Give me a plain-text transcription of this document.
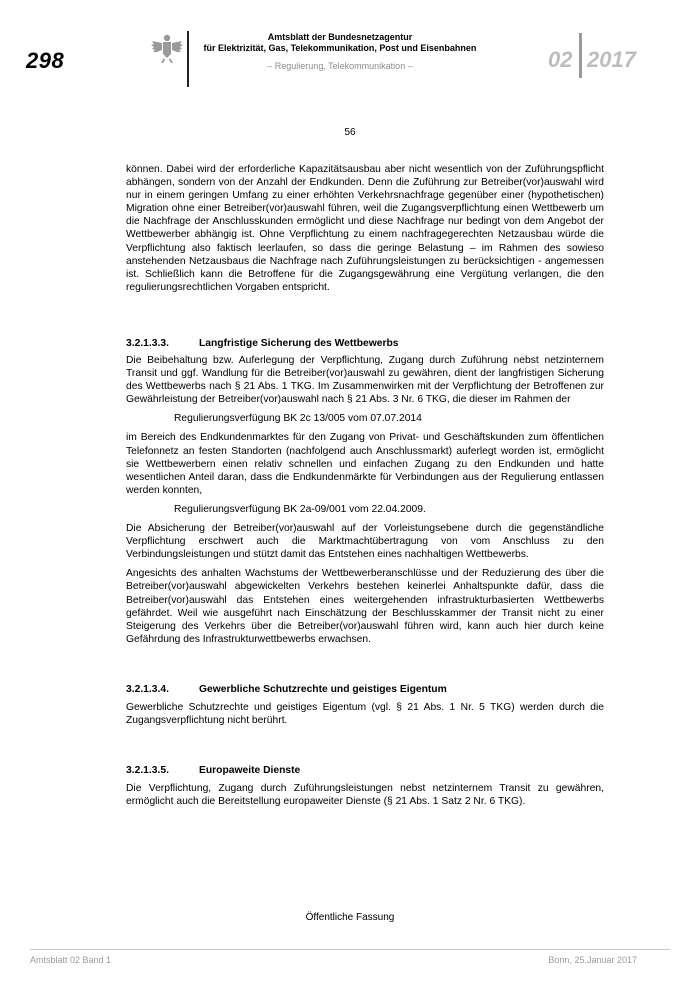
298
Amtsblatt der Bundesnetzagentur
für Elektrizität, Gas, Telekommunikation, Post und Eisenbahnen
– Regulierung, Telekommunikation –	02 2017
56

können. Dabei wird der erforderliche Kapazitätsausbau aber nicht wesentlich von der Zuführungspflicht abhängen, sondern von der Anzahl der Endkunden. Denn die Zuführung zur Betreiber(vor)auswahl wird nur in einem geringen Umfang zu einer erhöhten Verkehrsnachfrage gegenüber einer (hypothetischen) Migration ohne einer Betreiber(vor)auswahl führen, weil die Zugangsverpflichtung einen Wettbewerb um die Nachfrage der Anschlusskunden ermöglicht und diese Nachfrage nur bedingt von dem Angebot der Wettbewerber abhängig ist. Ohne Verpflichtung zu einem nachfragegerechten Netzausbau würde die Verpflichtung also faktisch leerlaufen, so dass die geringe Belastung – im Rahmen des sowieso anstehenden Netzausbaus die Nachfrage nach Zuführungsleistungen zu berücksichtigen - angemessen ist. Schließlich kann die Betroffene für die Zugangsgewährung eine Vergütung verlangen, die den regulierungsrechtlichen Vorgaben entspricht.

3.2.1.3.3.	Langfristige Sicherung des Wettbewerbs

Die Beibehaltung bzw. Auferlegung der Verpflichtung, Zugang durch Zuführung nebst netzinternem Transit und ggf. Wandlung für die Betreiber(vor)auswahl zu gewähren, dient der langfristigen Sicherung des Wettbewerbs nach § 21 Abs. 1 TKG. Im Zusammenwirken mit der Verpflichtung der Betroffenen zur Gewährleistung der Betreiber(vor)auswahl nach § 21 Abs. 3 Nr. 6 TKG, die dieser im Rahmen der

Regulierungsverfügung BK 2c 13/005 vom 07.07.2014

im Bereich des Endkundenmarktes für den Zugang von Privat- und Geschäftskunden zum öffentlichen Telefonnetz an festen Standorten (nachfolgend auch Anschlussmarkt) auferlegt worden ist, ermöglicht sie Wettbewerbern einen relativ schnellen und einfachen Zugang zu den Endkunden und hatte wesentlichen Anteil daran, dass die Endkundenmärkte für Verbindungen aus der Regulierung entlassen werden konnten,

Regulierungsverfügung BK 2a-09/001 vom 22.04.2009.

Die Absicherung der Betreiber(vor)auswahl auf der Vorleistungsebene durch die gegenständliche Verpflichtung erschwert auch die Marktmachtübertragung von vom Anschluss zu den Verbindungsleistungen und stützt damit das Entstehen eines nachhaltigen Wettbewerbs.

Angesichts des anhalten Wachstums der Wettbewerberanschlüsse und der Reduzierung des über die Betreiber(vor)auswahl abgewickelten Verkehrs bestehen keinerlei Anhaltspunkte dafür, dass die Betreiber(vor)auswahl das Entstehen eines weitergehenden infrastrukturbasierten Wettbewerbs gefährdet. Weil wie ausgeführt nach Einschätzung der Beschlusskammer der Transit nicht zu einer Steigerung des Verkehrs über die Betreiber(vor)auswahl führen wird, kann auch hier durch keine Gefährdung des Infrastrukturwettbewerbs erwachsen.

3.2.1.3.4.	Gewerbliche Schutzrechte und geistiges Eigentum

Gewerbliche Schutzrechte und geistiges Eigentum (vgl. § 21 Abs. 1 Nr. 5 TKG) werden durch die Zugangsverpflichtung nicht berührt.

3.2.1.3.5.	Europaweite Dienste

Die Verpflichtung, Zugang durch Zuführungsleistungen nebst netzinternem Transit zu gewähren, ermöglicht auch die Bereitstellung europaweiter Dienste (§ 21 Abs. 1 Satz 2 Nr. 6 TKG).

Öffentliche Fassung
Amtsblatt 02 Band 1	Bonn, 25.Januar 2017
